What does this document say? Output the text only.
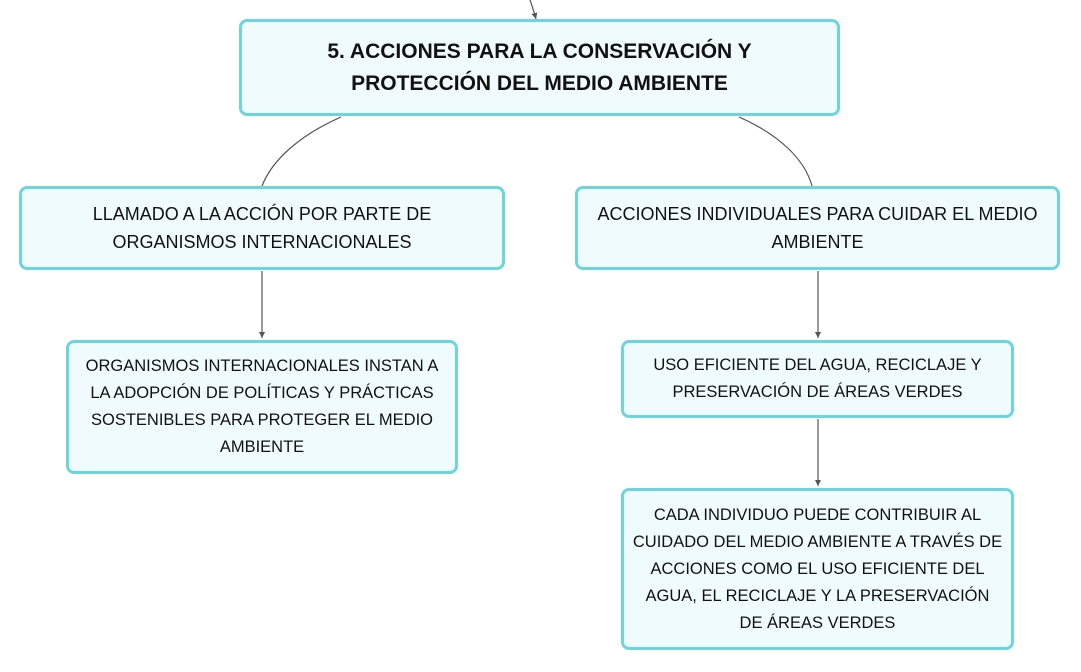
5. ACCIONES PARA LA CONSERVACIÓN Y PROTECCIÓN DEL MEDIO AMBIENTE
LLAMADO A LA ACCIÓN POR PARTE DE ORGANISMOS INTERNACIONALES
ACCIONES INDIVIDUALES PARA CUIDAR EL MEDIO AMBIENTE
ORGANISMOS INTERNACIONALES INSTAN A LA ADOPCIÓN DE POLÍTICAS Y PRÁCTICAS SOSTENIBLES PARA PROTEGER EL MEDIO AMBIENTE
USO EFICIENTE DEL AGUA, RECICLAJE Y PRESERVACIÓN DE ÁREAS VERDES
CADA INDIVIDUO PUEDE CONTRIBUIR AL CUIDADO DEL MEDIO AMBIENTE A TRAVÉS DE ACCIONES COMO EL USO EFICIENTE DEL AGUA, EL RECICLAJE Y LA PRESERVACIÓN DE ÁREAS VERDES
